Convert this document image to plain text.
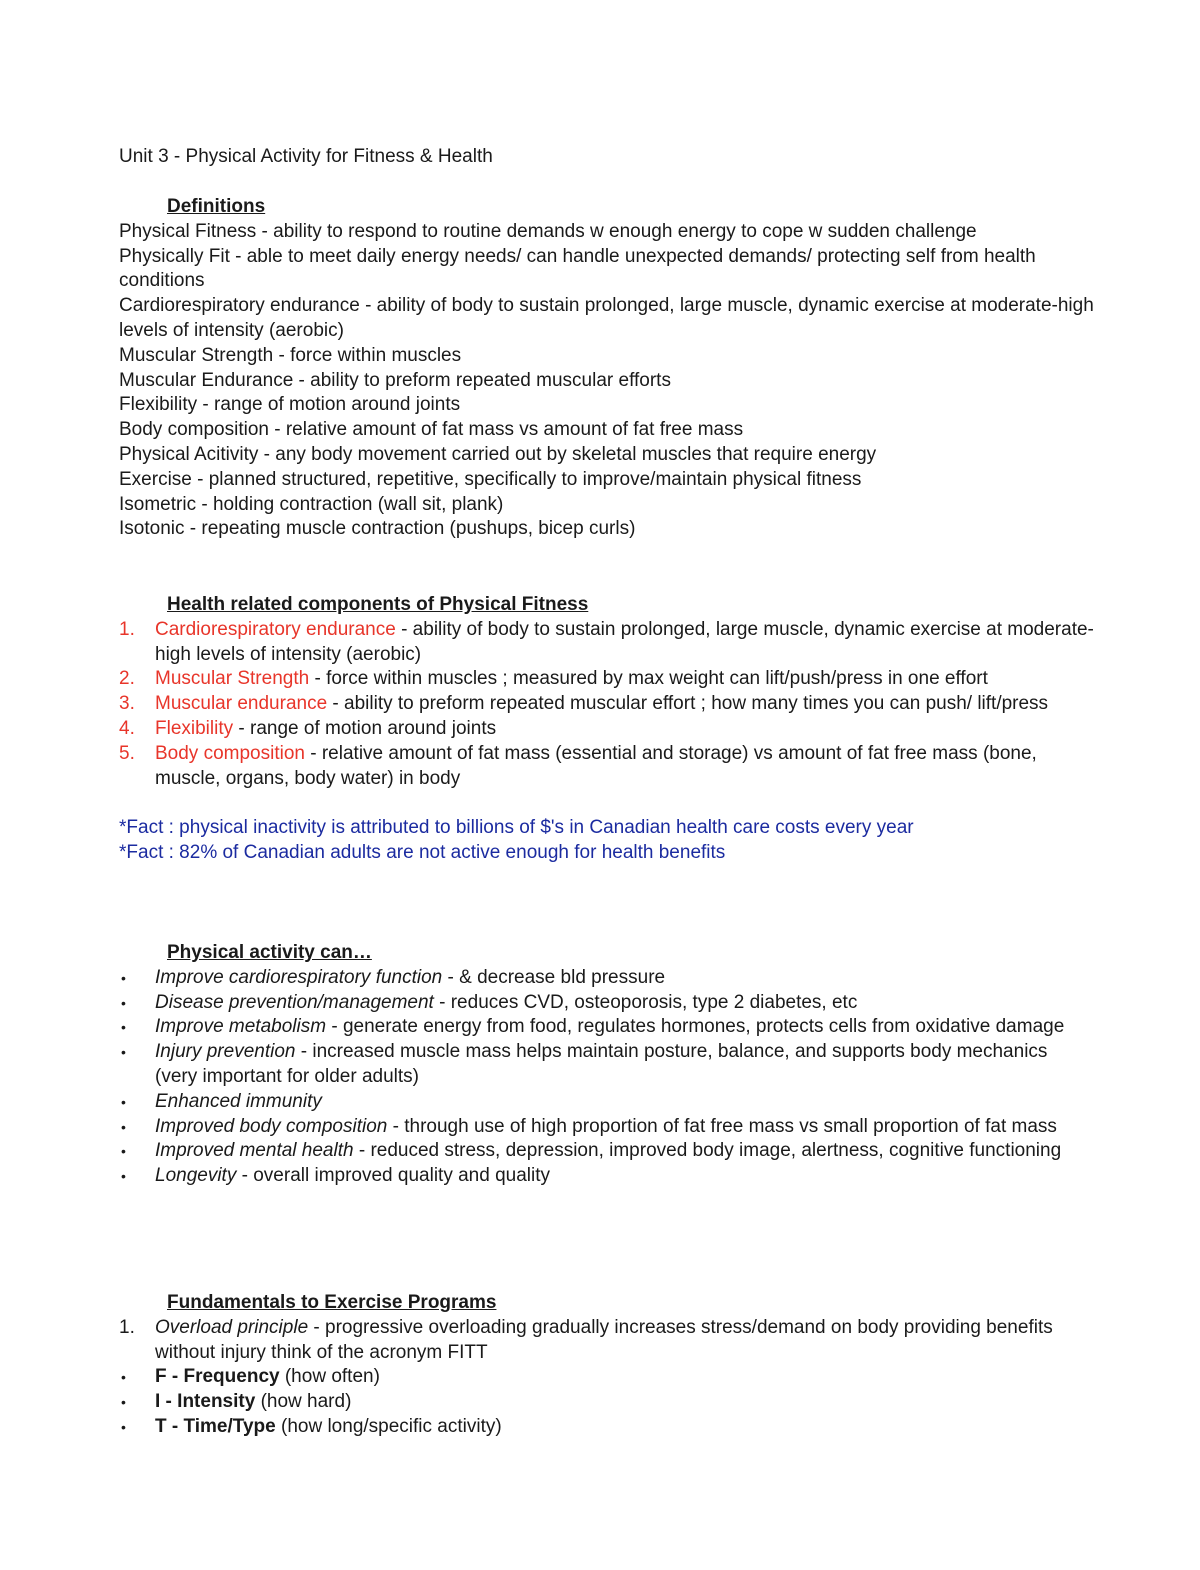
Unit 3 - Physical Activity for Fitness & Health
Definitions
Physical Fitness - ability to respond to routine demands w enough energy to cope w sudden challenge
Physically Fit - able to meet daily energy needs/ can handle unexpected demands/ protecting self from health conditions
Cardiorespiratory endurance - ability of body to sustain prolonged, large muscle, dynamic exercise at moderate-high levels of intensity (aerobic)
Muscular Strength - force within muscles
Muscular Endurance - ability to preform repeated muscular efforts
Flexibility - range of motion around joints
Body composition - relative amount of fat mass vs amount of fat free mass
Physical Acitivity - any body movement carried out by skeletal muscles that require energy
Exercise - planned structured, repetitive, specifically to improve/maintain physical fitness
Isometric - holding contraction (wall sit, plank)
Isotonic - repeating muscle contraction (pushups, bicep curls)
Health related components of Physical Fitness
1. Cardiorespiratory endurance - ability of body to sustain prolonged, large muscle, dynamic exercise at moderate-high levels of intensity (aerobic)
2. Muscular Strength - force within muscles ; measured by max weight can lift/push/press in one effort
3. Muscular endurance - ability to preform repeated muscular effort ; how many times you can push/ lift/press
4. Flexibility - range of motion around joints
5. Body composition - relative amount of fat mass (essential and storage) vs amount of fat free mass (bone, muscle, organs, body water) in body
*Fact : physical inactivity is attributed to billions of $'s in Canadian health care costs every year
*Fact : 82% of Canadian adults are not active enough for health benefits
Physical activity can…
• Improve cardiorespiratory function - & decrease bld pressure
• Disease prevention/management - reduces CVD, osteoporosis, type 2 diabetes, etc
• Improve metabolism - generate energy from food, regulates hormones, protects cells from oxidative damage
• Injury prevention - increased muscle mass helps maintain posture, balance, and supports body mechanics (very important for older adults)
• Enhanced immunity
• Improved body composition - through use of high proportion of fat free mass vs small proportion of fat mass
• Improved mental health - reduced stress, depression, improved body image, alertness, cognitive functioning
• Longevity - overall improved quality and quality
Fundamentals to Exercise Programs
1. Overload principle - progressive overloading gradually increases stress/demand on body providing benefits without injury think of the acronym FITT
• F - Frequency (how often)
• I - Intensity (how hard)
• T - Time/Type (how long/specific activity)
